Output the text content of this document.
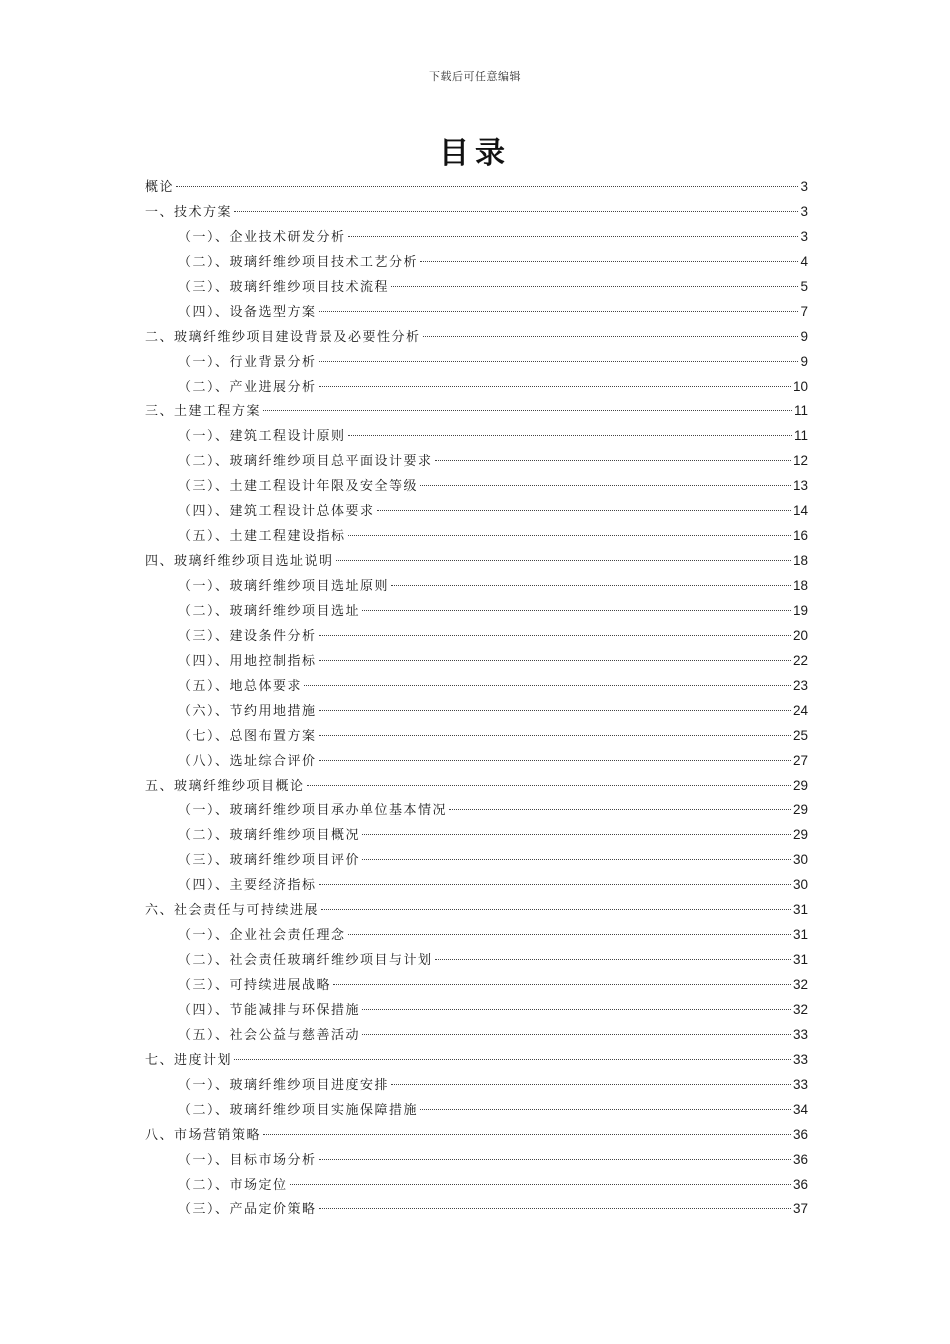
下载后可任意编辑
目录
概论	3
一、技术方案	3
（一）、企业技术研发分析	3
（二）、玻璃纤维纱项目技术工艺分析	4
（三）、玻璃纤维纱项目技术流程	5
（四）、设备选型方案	7
二、玻璃纤维纱项目建设背景及必要性分析	9
（一）、行业背景分析	9
（二）、产业进展分析	10
三、土建工程方案	11
（一）、建筑工程设计原则	11
（二）、玻璃纤维纱项目总平面设计要求	12
（三）、土建工程设计年限及安全等级	13
（四）、建筑工程设计总体要求	14
（五）、土建工程建设指标	16
四、玻璃纤维纱项目选址说明	18
（一）、玻璃纤维纱项目选址原则	18
（二）、玻璃纤维纱项目选址	19
（三）、建设条件分析	20
（四）、用地控制指标	22
（五）、地总体要求	23
（六）、节约用地措施	24
（七）、总图布置方案	25
（八）、选址综合评价	27
五、玻璃纤维纱项目概论	29
（一）、玻璃纤维纱项目承办单位基本情况	29
（二）、玻璃纤维纱项目概况	29
（三）、玻璃纤维纱项目评价	30
（四）、主要经济指标	30
六、社会责任与可持续进展	31
（一）、企业社会责任理念	31
（二）、社会责任玻璃纤维纱项目与计划	31
（三）、可持续进展战略	32
（四）、节能减排与环保措施	32
（五）、社会公益与慈善活动	33
七、进度计划	33
（一）、玻璃纤维纱项目进度安排	33
（二）、玻璃纤维纱项目实施保障措施	34
八、市场营销策略	36
（一）、目标市场分析	36
（二）、市场定位	36
（三）、产品定价策略	37
